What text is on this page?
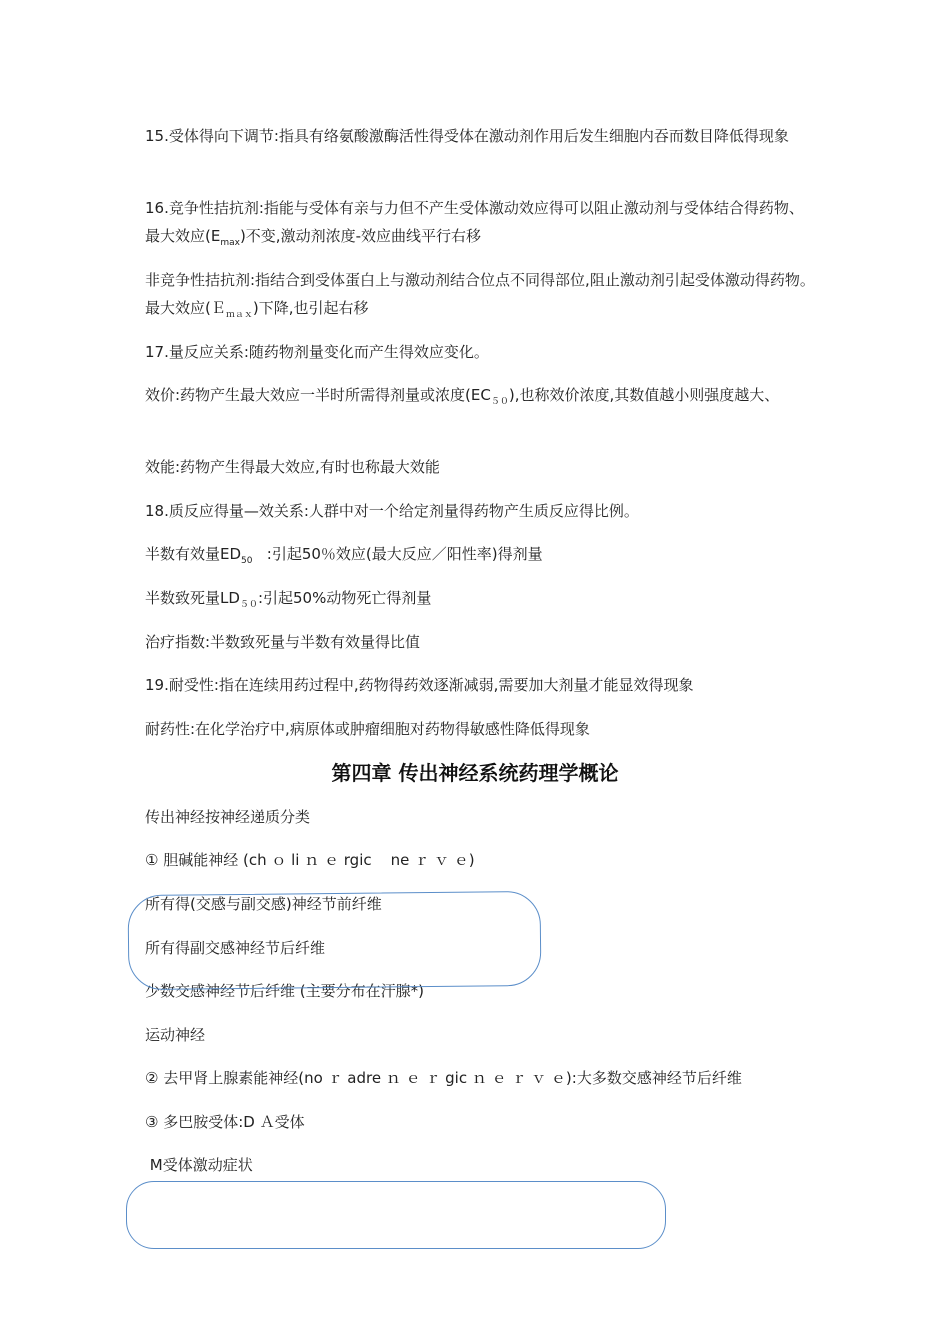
15.受体得向下调节:指具有络氨酸激酶活性得受体在激动剂作用后发生细胞内吞而数目降低得现象

16.竞争性拮抗剂:指能与受体有亲与力但不产生受体激动效应得可以阻止激动剂与受体结合得药物、最大效应$(E_{max})$不变,激动剂浓度-效应曲线平行右移

非竞争性拮抗剂:指结合到受体蛋白上与激动剂结合位点不同得部位,阻止激动剂引起受体激动得药物。最大效应(Ｅ$_{max}$)下降,也引起右移

17.量反应关系:随药物剂量变化而产生得效应变化。

效价:药物产生最大效应一半时所需得剂量或浓度$(EC_{50})$,也称效价浓度,其数值越小则强度越大、

效能:药物产生得最大效应,有时也称最大效能

18.质反应得量—效关系:人群中对一个给定剂量得药物产生质反应得比例。

半数有效量$ED_{50}$   :引起50％效应(最大反应／阳性率)得剂量

半数致死量$LD_{50}$:引起50%动物死亡得剂量

治疗指数:半数致死量与半数有效量得比值

19.耐受性:指在连续用药过程中,药物得药效逐渐减弱,需要加大剂量才能显效得现象

耐药性:在化学治疗中,病原体或肿瘤细胞对药物得敏感性降低得现象

第四章 传出神经系统药理学概论

传出神经按神经递质分类

① 胆碱能神经 (ch ｏ li ｎ ｅ rgic    ne ｒ ｖ ｅ)

所有得(交感与副交感)神经节前纤维

所有得副交感神经节后纤维

少数交感神经节后纤维 (主要分布在汗腺*)

运动神经

② 去甲肾上腺素能神经(no ｒ adre ｎ ｅ ｒ gic ｎ ｅ ｒ ｖ ｅ):大多数交感神经节后纤维

③ 多巴胺受体:D Ａ受体

M受体激动症状
